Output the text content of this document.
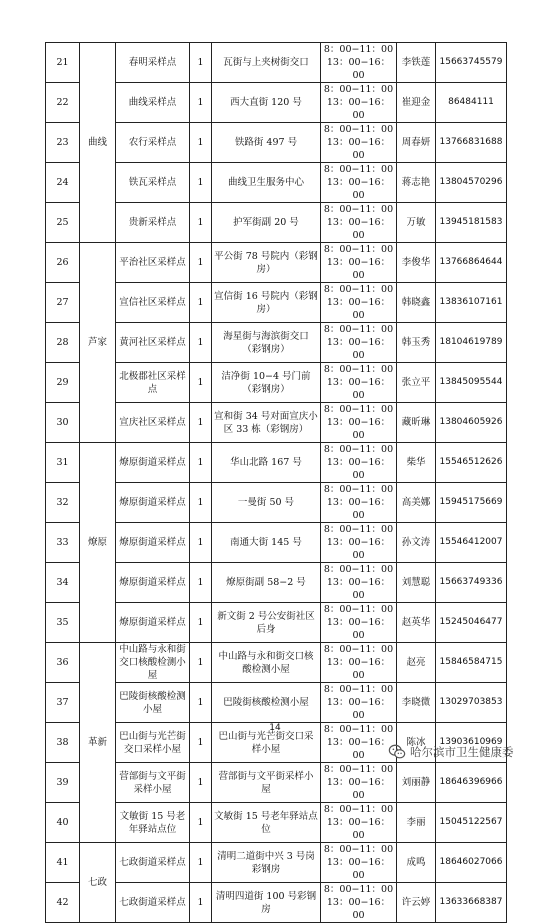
21	曲线	春明采样点	1	瓦街与上夹树街交口	8：00−11：00
13：00−16：00	李铁莲	15663745579
22		曲线采样点	1	西大直街 120 号	8：00−11：00
13：00−16：00	崔迎金	86484111
23		农行采样点	1	铁路街 497 号	8：00−11：00
13：00−16：00	周春妍	13766831688
24		铁瓦采样点	1	曲线卫生服务中心	8：00−11：00
13：00−16：00	蒋志艳	13804570296
25		贵新采样点	1	护军街副 20 号	8：00−11：00
13：00−16：00	万敏	13945181583
26	芦家	平治社区采样点	1	平公街 78 号院内（彩钢房）	8：00−11：00
13：00−16：00	李俊华	13766864644
27		宣信社区采样点	1	宣信街 16 号院内（彩钢房）	8：00−11：00
13：00−16：00	韩晓鑫	13836107161
28		黄河社区采样点	1	海星街与海滨街交口（彩钢房）	8：00−11：00
13：00−16：00	韩玉秀	18104619789
29		北极郡社区采样点	1	洁净街 10−4 号门前（彩钢房）	8：00−11：00
13：00−16：00	张立平	13845095544
30		宣庆社区采样点	1	宣和街 34 号对面宣庆小区 33 栋（彩钢房）	8：00−11：00
13：00−16：00	藏昕琳	13804605926
31	燎原	燎原街道采样点	1	华山北路 167 号	8：00−11：00
13：00−16：00	柴华	15546512626
32		燎原街道采样点	1	一曼街 50 号	8：00−11：00
13：00−16：00	高美娜	15945175669
33		燎原街道采样点	1	南通大街 145 号	8：00−11：00
13：00−16：00	孙文涛	15546412007
34		燎原街道采样点	1	燎原街副 58−2 号	8：00−11：00
13：00−16：00	刘慧聪	15663749336
35		燎原街道采样点	1	新文街 2 号公安街社区后身	8：00−11：00
13：00−16：00	赵英华	15245046477
36	革新	中山路与永和街交口核酸检测小屋	1	中山路与永和街交口核酸检测小屋	8：00−11：00
13：00−16：00	赵亮	15846584715
37		巴陵街核酸检测小屋	1	巴陵街核酸检测小屋	8：00−11：00
13：00−16：00	李晓微	13029703853
38		巴山街与光芒街交口采样小屋	1	巴山街与光芒街交口采样小屋	8：00−11：00
13：00−16：00	陈冰	13903610969
39		营部街与文平街采样小屋	1	营部街与文平街采样小屋	8：00−11：00
13：00−16：00	刘丽静	18646396966
40		文敏街 15 号老年驿站点位	1	文敏街 15 号老年驿站点位	8：00−11：00
13：00−16：00	李丽	15045122567
41	七政	七政街道采样点	1	清明二道街中兴 3 号岗彩钢房	8：00−11：00
13：00−16：00	成鸣	18646027066
42		七政街道采样点	1	清明四道街 100 号彩钢房	8：00−11：00
13：00−16：00	许云婷	13633668387
14
哈尔滨市卫生健康委
